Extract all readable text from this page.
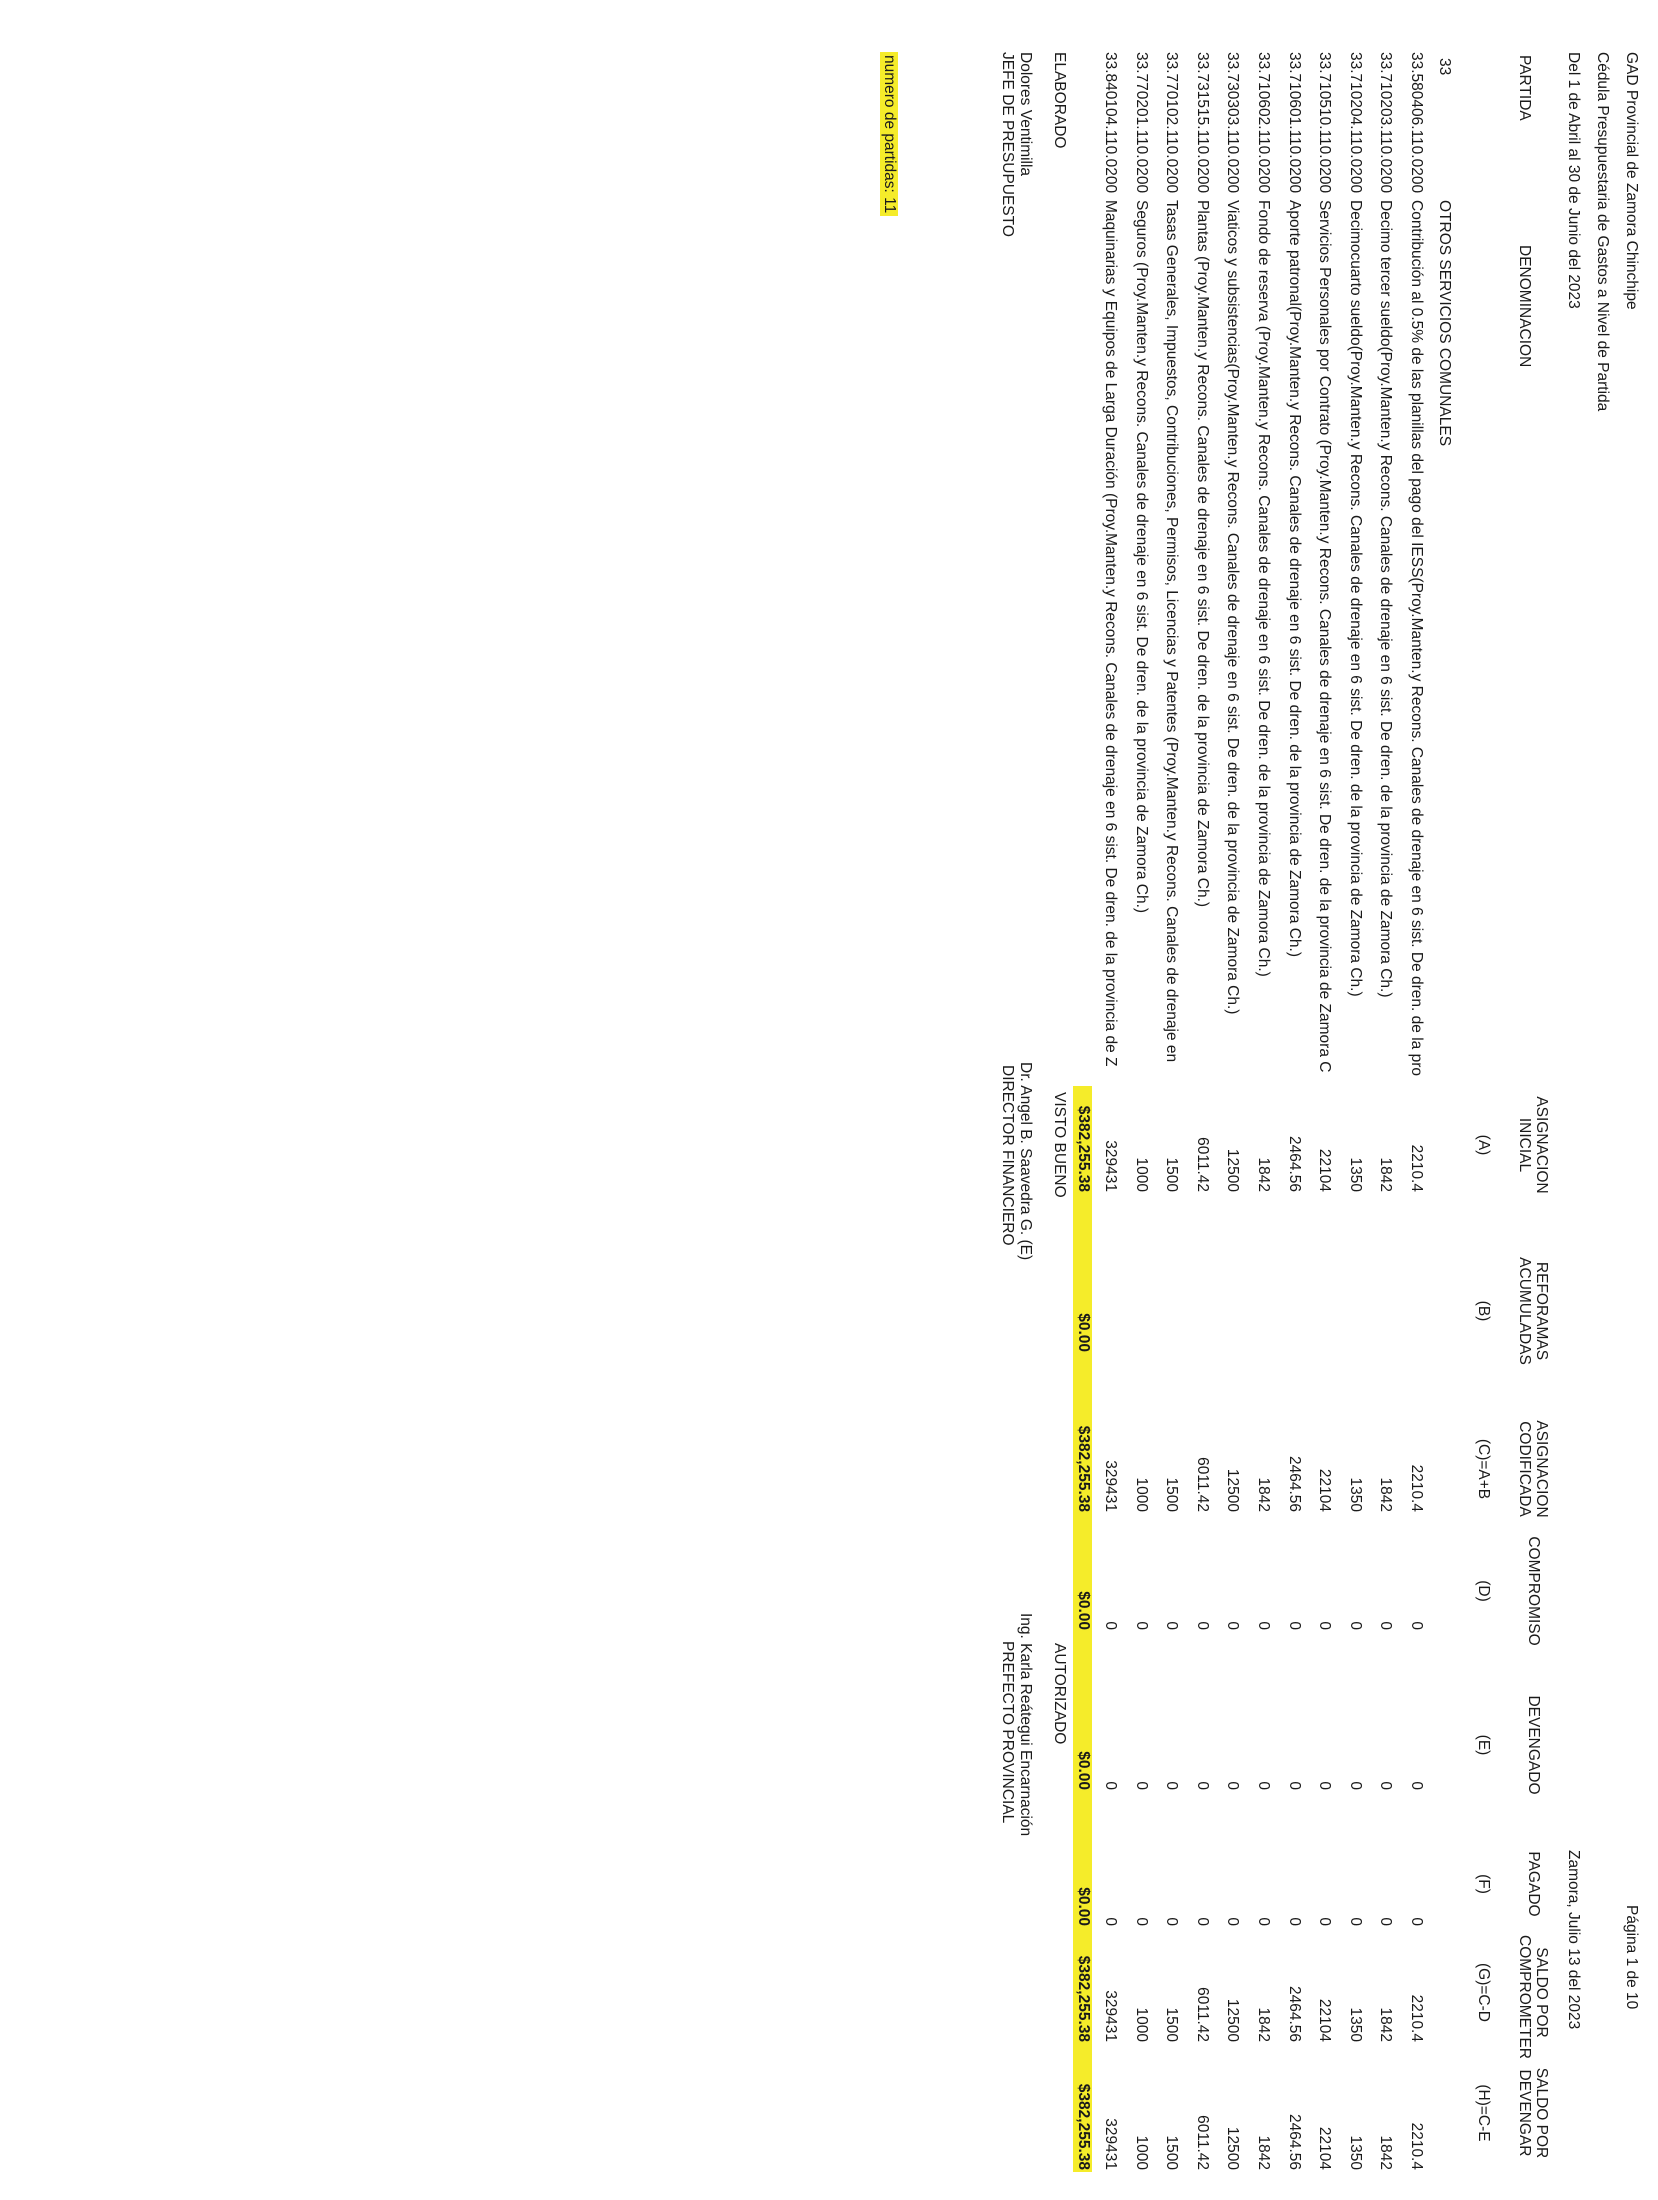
GAD Provincial de Zamora Chinchipe
Cédula Presupuestaria de Gastos a Nivel de Partida
Del 1 de Abril al 30 de Junio del 2023
Página 1 de 10
Zamora, Julio 13 del 2023
PARTIDA
DENOMINACION
ASIGNACION
INICIAL
REFORAMAS
ACUMULADAS
ASIGNACION
CODIFICADA
COMPROMISO
DEVENGADO
PAGADO
SALDO POR
COMPROMETER
SALDO POR
DEVENGAR
(A)
(B)
(C)=A+B
(D)
(E)
(F)
(G)=C-D
(H)=C-E
33
OTROS SERVICIOS COMUNALES
33.580406.110.0200
Contribución al 0.5% de las planillas del pago del IESS(Proy.Manten.y Recons. Canales de drenaje en 6 sist. De dren. de la pro
2210.4
2210.4
0
0
0
2210.4
2210.4
33.710203.110.0200
Decimo tercer sueldo(Proy.Manten.y Recons. Canales de drenaje en 6 sist. De dren. de la provincia de Zamora Ch.)
1842
1842
0
0
0
1842
1842
33.710204.110.0200
Decimocuarto sueldo(Proy.Manten.y Recons. Canales de drenaje en 6 sist. De dren. de la provincia de Zamora Ch.)
1350
1350
0
0
0
1350
1350
33.710510.110.0200
Servicios Personales por Contrato (Proy.Manten.y Recons. Canales de drenaje en 6 sist. De dren. de la provincia de Zamora C
22104
22104
0
0
0
22104
22104
33.710601.110.0200
Aporte patronal(Proy.Manten.y Recons. Canales de drenaje en 6 sist. De dren. de la provincia de Zamora Ch.)
2464.56
2464.56
0
0
0
2464.56
2464.56
33.710602.110.0200
Fondo de reserva (Proy.Manten.y Recons. Canales de drenaje en 6 sist. De dren. de la provincia de Zamora Ch.)
1842
1842
0
0
0
1842
1842
33.730303.110.0200
Viaticos y subsistencias(Proy.Manten.y Recons. Canales de drenaje en 6 sist. De dren. de la provincia de Zamora Ch.)
12500
12500
0
0
0
12500
12500
33.731515.110.0200
Plantas (Proy.Manten.y Recons. Canales de drenaje en 6 sist. De dren. de la provincia de Zamora Ch.)
6011.42
6011.42
0
0
0
6011.42
6011.42
33.770102.110.0200
Tasas Generales, Impuestos, Contribuciones, Permisos, Licencias y Patentes (Proy.Manten.y Recons. Canales de drenaje en
1500
1500
0
0
0
1500
1500
33.770201.110.0200
Seguros (Proy.Manten.y Recons. Canales de drenaje en 6 sist. De dren. de la provincia de Zamora Ch.)
1000
1000
0
0
0
1000
1000
33.840104.110.0200
Maquinarias y Equipos de Larga Duración (Proy.Manten.y Recons. Canales de drenaje en 6 sist. De dren. de la provincia de Z
329431
329431
0
0
0
329431
329431
$382,255.38
$0.00
$382,255.38
$0.00
$0.00
$0.00
$382,255.38
$382,255.38
ELABORADO
VISTO BUENO
AUTORIZADO
Dolores Ventimilla
JEFE DE PRESUPUESTO
Dr. Angel B. Saavedra G. (E)
DIRECTOR FINANCIERO
Ing. Karla Reátegui Encarnación
PREFECTO PROVINCIAL
numero de partidas: 11
